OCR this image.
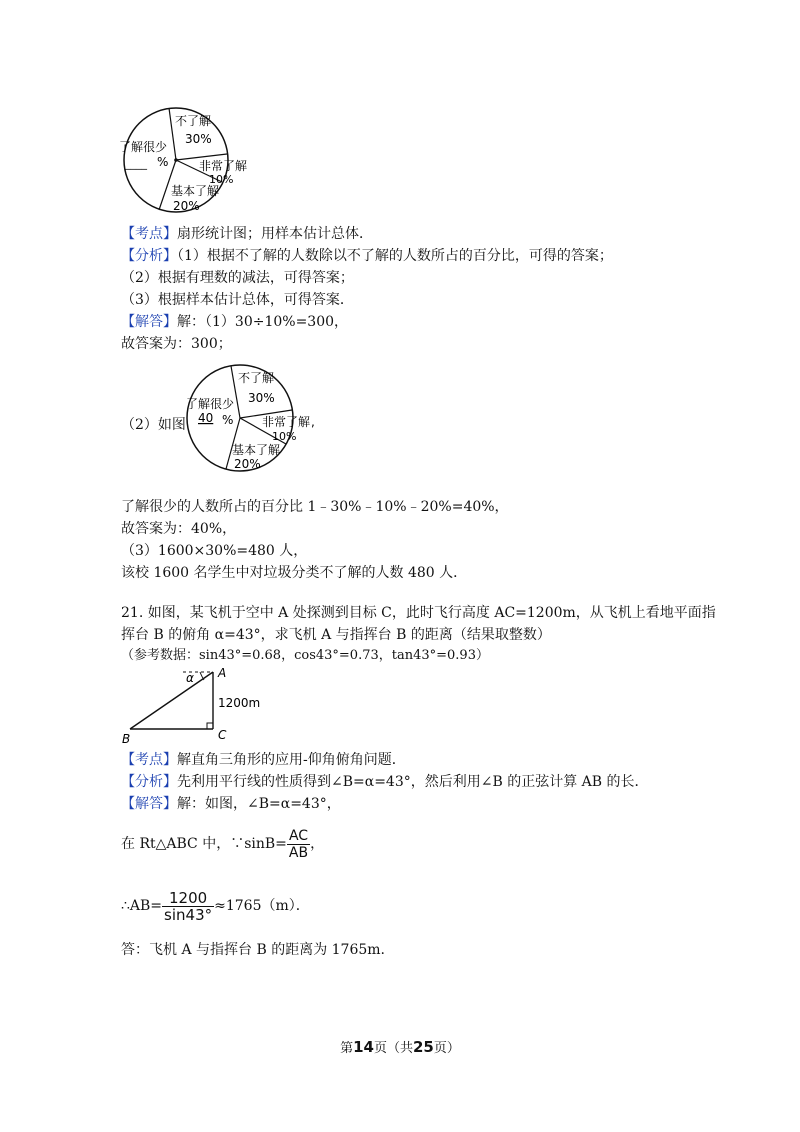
不了解
30%
了解很少
____ %	非常了解
10%
基本了解
20%
【考点】扇形统计图；用样本估计总体．
【分析】（1）根据不了解的人数除以不了解的人数所占的百分比，可得的答案；
（2）根据有理数的减法，可得答案；
（3）根据样本估计总体，可得答案．
【解答】解：（1）30÷10%=300，
故答案为：300；
（2）如图
不了解
30%
了解很少
40 % 非常了解 ,
10%
基本了解
20%
了解很少的人数所占的百分比 1﹣30%﹣10%﹣20%=40%，
故答案为：40%，
（3）1600×30%=480 人，
该校 1600 名学生中对垃圾分类不了解的人数 480 人．
21. 如图，某飞机于空中 A 处探测到目标 C，此时飞行高度 AC=1200m，从飞机上看地平面指
挥台 B 的俯角 α=43°，求飞机 A 与指挥台 B 的距离（结果取整数）
（参考数据：sin43°=0.68，cos43°=0.73，tan43°=0.93）
α A
1200m
B	C
【考点】解直角三角形的应用-仰角俯角问题．
【分析】先利用平行线的性质得到∠B=α=43°，然后利用∠B 的正弦计算 AB 的长．
【解答】解：如图，∠B=α=43°，
在 Rt△ABC 中，∵sinB= $\frac{AC}{AB}$ ，
∴AB= $\frac{1200}{\sin 43^\circ} \approx 1765(m)$．
答：飞机 A 与指挥台 B 的距离为 1765m.
第14页（共25页）
